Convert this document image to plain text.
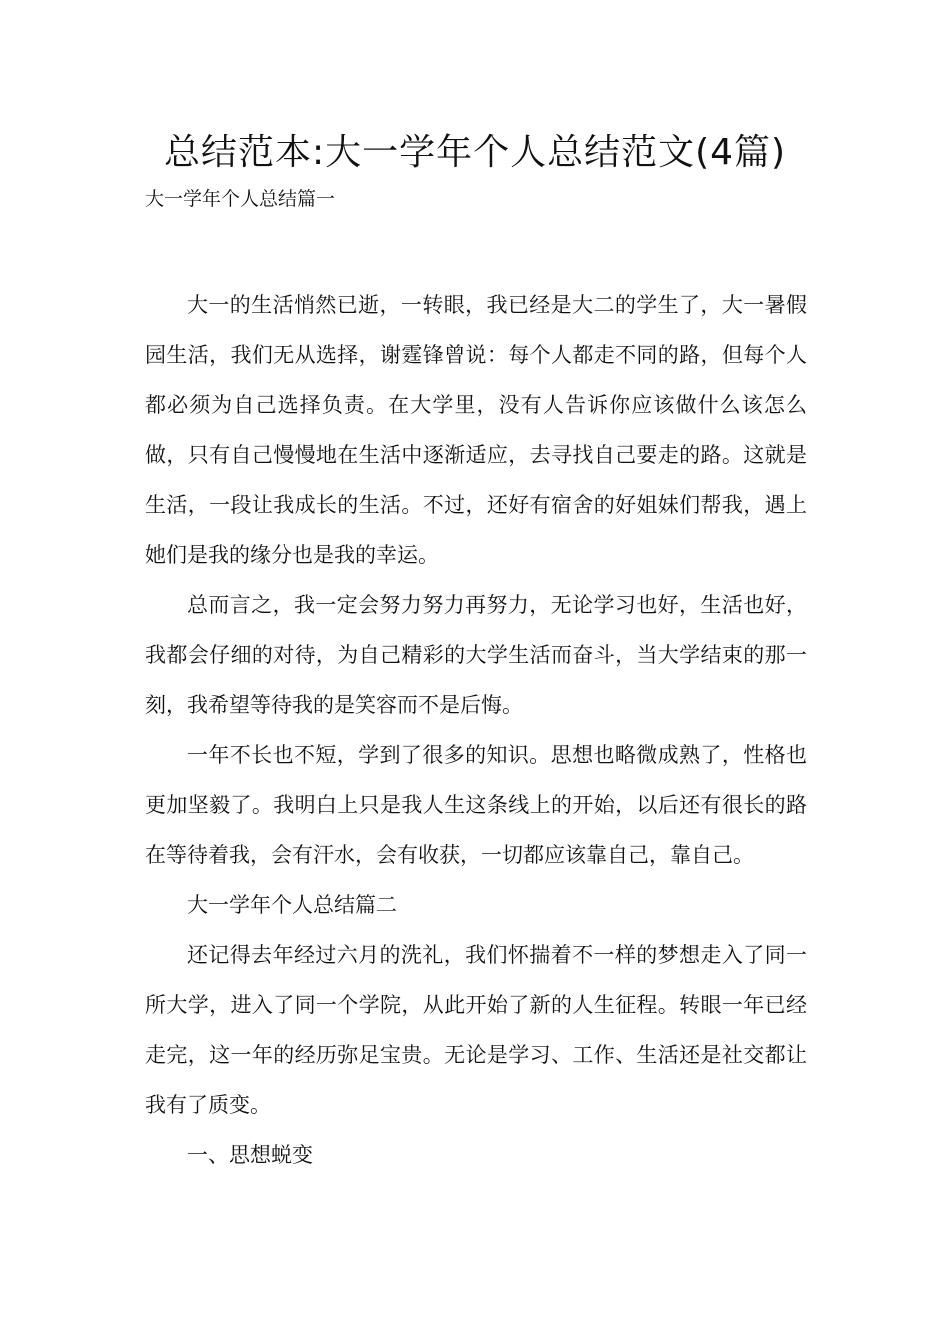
总结范本:大一学年个人总结范文(4篇)
大一学年个人总结篇一

大一的生活悄然已逝，一转眼，我已经是大二的学生了，大一暑假园生活，我们无从选择，谢霆锋曾说：每个人都走不同的路，但每个人都必须为自己选择负责。在大学里，没有人告诉你应该做什么该怎么做，只有自己慢慢地在生活中逐渐适应，去寻找自己要走的路。这就是生活，一段让我成长的生活。不过，还好有宿舍的好姐妹们帮我，遇上她们是我的缘分也是我的幸运。

总而言之，我一定会努力努力再努力，无论学习也好，生活也好，我都会仔细的对待，为自己精彩的大学生活而奋斗，当大学结束的那一刻，我希望等待我的是笑容而不是后悔。

一年不长也不短，学到了很多的知识。思想也略微成熟了，性格也更加坚毅了。我明白上只是我人生这条线上的开始，以后还有很长的路在等待着我，会有汗水，会有收获，一切都应该靠自己，靠自己。

大一学年个人总结篇二

还记得去年经过六月的洗礼，我们怀揣着不一样的梦想走入了同一所大学，进入了同一个学院，从此开始了新的人生征程。转眼一年已经走完，这一年的经历弥足宝贵。无论是学习、工作、生活还是社交都让我有了质变。

一、思想蜕变
